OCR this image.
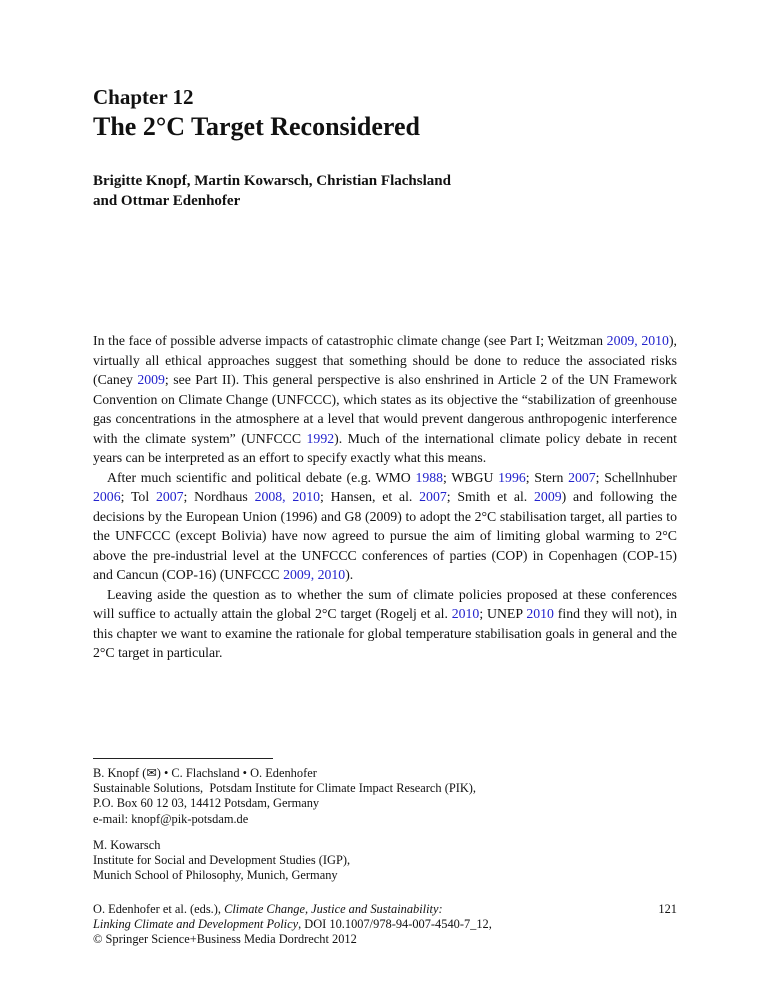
Chapter 12
The 2°C Target Reconsidered
Brigitte Knopf, Martin Kowarsch, Christian Flachsland
and Ottmar Edenhofer

In the face of possible adverse impacts of catastrophic climate change (see Part I; Weitzman 2009, 2010), virtually all ethical approaches suggest that something should be done to reduce the associated risks (Caney 2009; see Part II). This general perspective is also enshrined in Article 2 of the UN Framework Convention on Climate Change (UNFCCC), which states as its objective the “stabilization of greenhouse gas concentrations in the atmosphere at a level that would prevent dangerous anthropogenic interference with the climate system” (UNFCCC 1992). Much of the international climate policy debate in recent years can be interpreted as an effort to specify exactly what this means.

After much scientific and political debate (e.g. WMO 1988; WBGU 1996; Stern 2007; Schellnhuber 2006; Tol 2007; Nordhaus 2008, 2010; Hansen, et al. 2007; Smith et al. 2009) and following the decisions by the European Union (1996) and G8 (2009) to adopt the 2°C stabilisation target, all parties to the UNFCCC (except Bolivia) have now agreed to pursue the aim of limiting global warming to 2°C above the pre-industrial level at the UNFCCC conferences of parties (COP) in Copenhagen (COP-15) and Cancun (COP-16) (UNFCCC 2009, 2010).

Leaving aside the question as to whether the sum of climate policies proposed at these conferences will suffice to actually attain the global 2°C target (Rogelj et al. 2010; UNEP 2010 find they will not), in this chapter we want to examine the rationale for global temperature stabilisation goals in general and the 2°C target in particular.

B. Knopf (✉) • C. Flachsland • O. Edenhofer
Sustainable Solutions,  Potsdam Institute for Climate Impact Research (PIK),
P.O. Box 60 12 03, 14412 Potsdam, Germany
e-mail: knopf@pik-potsdam.de
M. Kowarsch
Institute for Social and Development Studies (IGP),
Munich School of Philosophy, Munich, Germany
O. Edenhofer et al. (eds.), Climate Change, Justice and Sustainability:	121
Linking Climate and Development Policy, DOI 10.1007/978-94-007-4540-7_12,
© Springer Science+Business Media Dordrecht 2012
